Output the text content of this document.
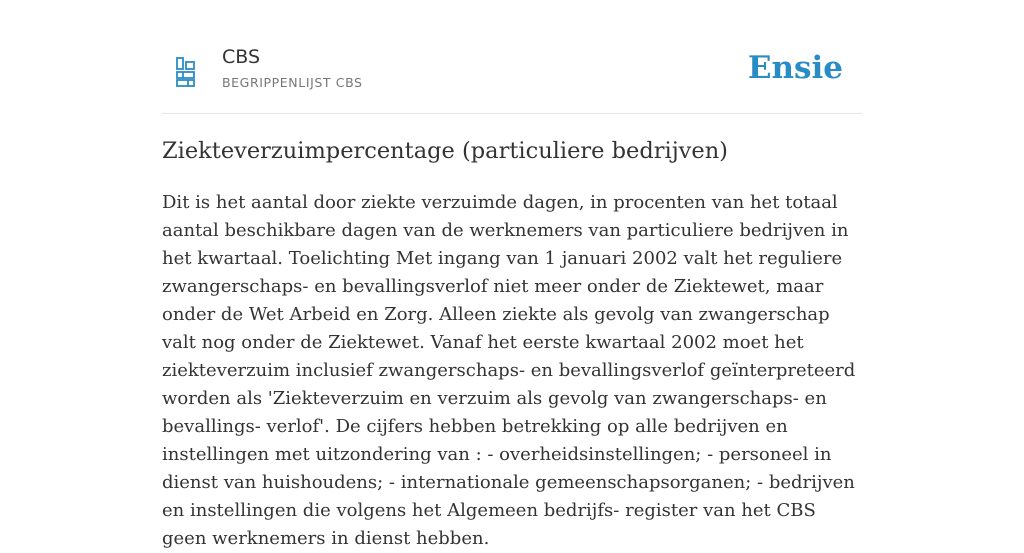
CBS
BEGRIPPENLIJST CBS	Ensie
Ziekteverzuimpercentage (particuliere bedrijven)

Dit is het aantal door ziekte verzuimde dagen, in procenten van het totaal aantal beschikbare dagen van de werknemers van particuliere bedrijven in het kwartaal. Toelichting Met ingang van 1 januari 2002 valt het reguliere zwangerschaps- en bevallingsverlof niet meer onder de Ziektewet, maar onder de Wet Arbeid en Zorg. Alleen ziekte als gevolg van zwangerschap valt nog onder de Ziektewet. Vanaf het eerste kwartaal 2002 moet het ziekteverzuim inclusief zwangerschaps- en bevallingsverlof geïnterpreteerd worden als 'Ziekteverzuim en verzuim als gevolg van zwangerschaps- en bevallings- verlof'. De cijfers hebben betrekking op alle bedrijven en instellingen met uitzondering van : - overheidsinstellingen; - personeel in dienst van huishoudens; - internationale gemeenschapsorganen; - bedrijven en instellingen die volgens het Algemeen bedrijfs- register van het CBS geen werknemers in dienst hebben.
